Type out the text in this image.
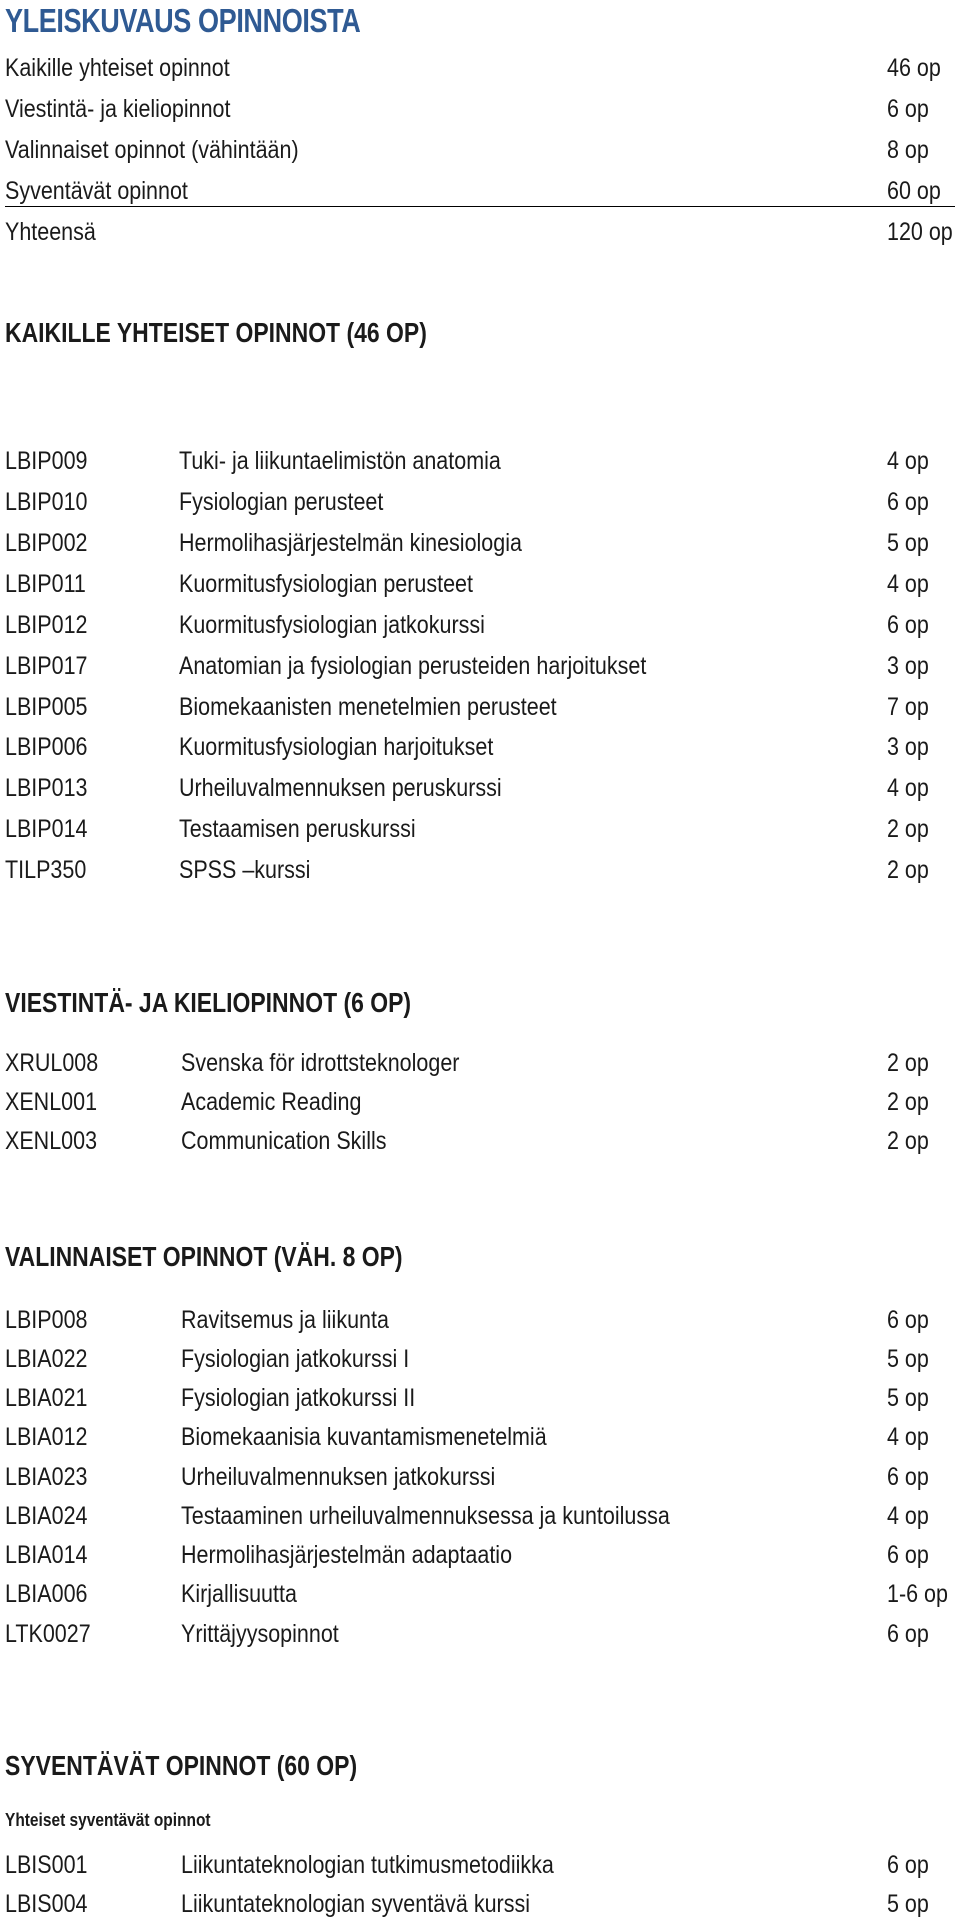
YLEISKUVAUS OPINNOISTA
Kaikille yhteiset opinnot	46 op
Viestintä- ja kieliopinnot	6 op
Valinnaiset opinnot (vähintään)	8 op
Syventävät opinnot	60 op
Yhteensä	120 op
KAIKILLE YHTEISET OPINNOT (46 OP)
LBIP009	Tuki- ja liikuntaelimistön anatomia	4 op
LBIP010	Fysiologian perusteet	6 op
LBIP002	Hermolihasjärjestelmän kinesiologia	5 op
LBIP011	Kuormitusfysiologian perusteet	4 op
LBIP012	Kuormitusfysiologian jatkokurssi	6 op
LBIP017	Anatomian ja fysiologian perusteiden harjoitukset	3 op
LBIP005	Biomekaanisten menetelmien perusteet	7 op
LBIP006	Kuormitusfysiologian harjoitukset	3 op
LBIP013	Urheiluvalmennuksen peruskurssi	4 op
LBIP014	Testaamisen peruskurssi	2 op
TILP350	SPSS –kurssi	2 op
VIESTINTÄ- JA KIELIOPINNOT (6 OP)
XRUL008	Svenska för idrottsteknologer	2 op
XENL001	Academic Reading	2 op
XENL003	Communication Skills	2 op
VALINNAISET OPINNOT (VÄH. 8 OP)
LBIP008	Ravitsemus ja liikunta	6 op
LBIA022	Fysiologian jatkokurssi I	5 op
LBIA021	Fysiologian jatkokurssi II	5 op
LBIA012	Biomekaanisia kuvantamismenetelmiä	4 op
LBIA023	Urheiluvalmennuksen jatkokurssi	6 op
LBIA024	Testaaminen urheiluvalmennuksessa ja kuntoilussa	4 op
LBIA014	Hermolihasjärjestelmän adaptaatio	6 op
LBIA006	Kirjallisuutta	1-6 op
LTK0027	Yrittäjyysopinnot	6 op
SYVENTÄVÄT OPINNOT (60 OP)
Yhteiset syventävät opinnot
LBIS001	Liikuntateknologian tutkimusmetodiikka	6 op
LBIS004	Liikuntateknologian syventävä kurssi	5 op
